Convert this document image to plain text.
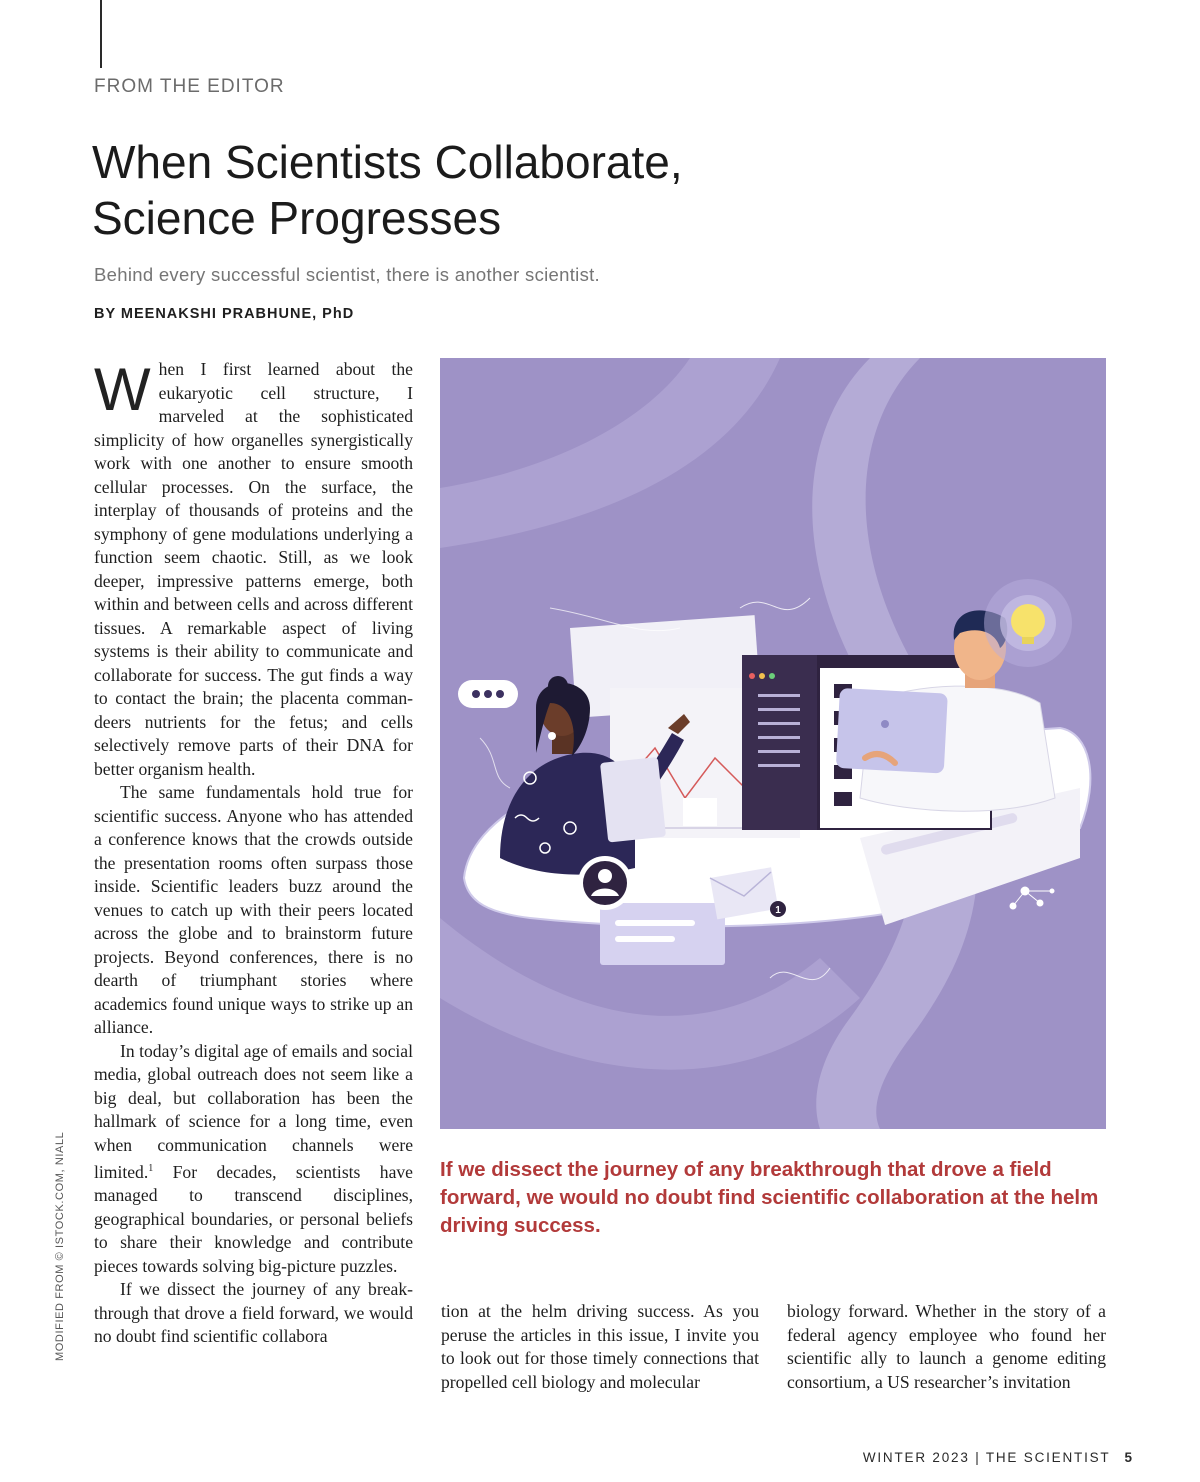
FROM THE EDITOR
When Scientists Collaborate,
Science Progresses
Behind every successful scientist, there is another scientist.
BY MEENAKSHI PRABHUNE, PhD

When I first learned about the eukaryotic cell structure, I marveled at the sophisticated simplicity of how organelles synergistically work with one another to ensure smooth cellular processes. On the surface, the interplay of thousands of proteins and the symphony of gene modulations underlying a function seem chaotic. Still, as we look deeper, impressive patterns emerge, both within and between cells and across different tissues. A remarkable aspect of living systems is their ability to communicate and collaborate for success. The gut finds a way to contact the brain; the placenta commandeers nutrients for the fetus; and cells selectively remove parts of their DNA for better organism health.

The same fundamentals hold true for scientific success. Anyone who has attended a conference knows that the crowds outside the presentation rooms often surpass those inside. Scientific leaders buzz around the venues to catch up with their peers located across the globe and to brainstorm future projects. Beyond conferences, there is no dearth of triumphant stories where academics found unique ways to strike up an alliance.

In today’s digital age of emails and social media, global outreach does not seem like a big deal, but collaboration has been the hallmark of science for a long time, even when communication channels were limited.$^1$ For decades, scientists have managed to transcend disciplines, geographical boundaries, or personal beliefs to share their knowledge and contribute pieces towards solving big-picture puzzles.

If we dissect the journey of any breakthrough that drove a field forward, we would no doubt find scientific collabora

tion at the helm driving success. As you peruse the articles in this issue, I invite you to look out for those timely connections that propelled cell biology and molecular

biology forward. Whether in the story of a federal agency employee who found her scientific ally to launch a genome editing consortium, a US researcher’s invitation

If we dissect the journey of any breakthrough that drove a field forward, we would no doubt find scientific collaboration at the helm driving success.
MODIFIED FROM © ISTOCK.COM, NIALL
1
WINTER 2023 | THE SCIENTIST 5
